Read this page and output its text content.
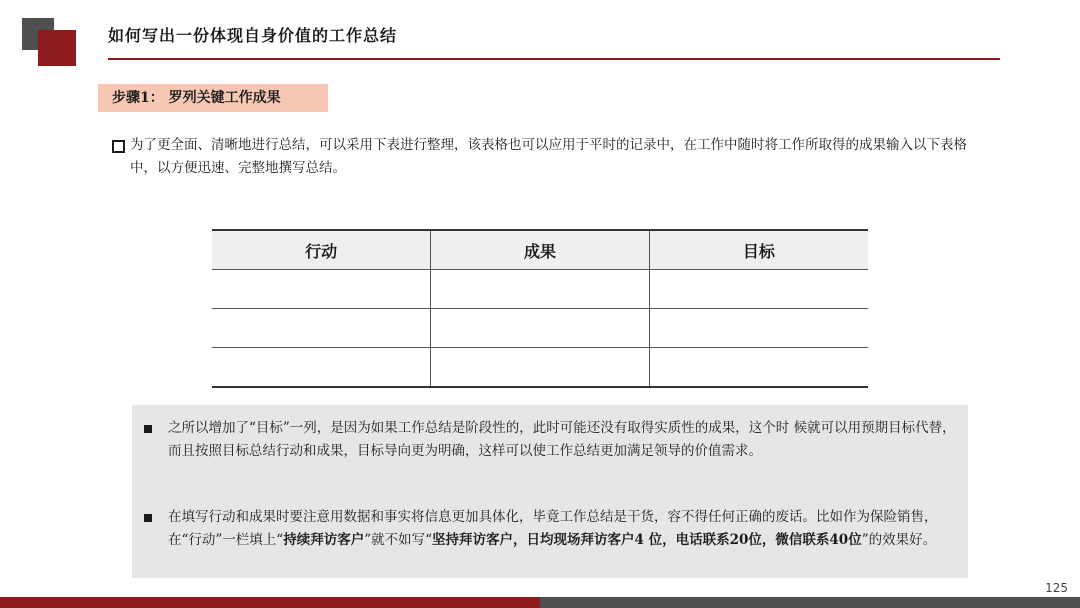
如何写出一份体现自身价值的工作总结
步骤1： 罗列关键工作成果
为了更全面、清晰地进行总结，可以采用下表进行整理，该表格也可以应用于平时的记录中，在工作中随时将工作所取得的成果输入以下表格中，以方便迅速、完整地撰写总结。
行动	成果	目标

之所以增加了“目标”一列，是因为如果工作总结是阶段性的，此时可能还没有取得实质性的成果，这个时 候就可以用预期目标代替，而且按照目标总结行动和成果，目标导向更为明确，这样可以使工作总结更加满足领导的价值需求。
在填写行动和成果时要注意用数据和事实将信息更加具体化，毕竟工作总结是干货，容不得任何正确的废话。比如作为保险销售，在“行动”一栏填上“持续拜访客户”就不如写“坚持拜访客户，日均现场拜访客户4 位，电话联系20位，微信联系40位”的效果好。
125
